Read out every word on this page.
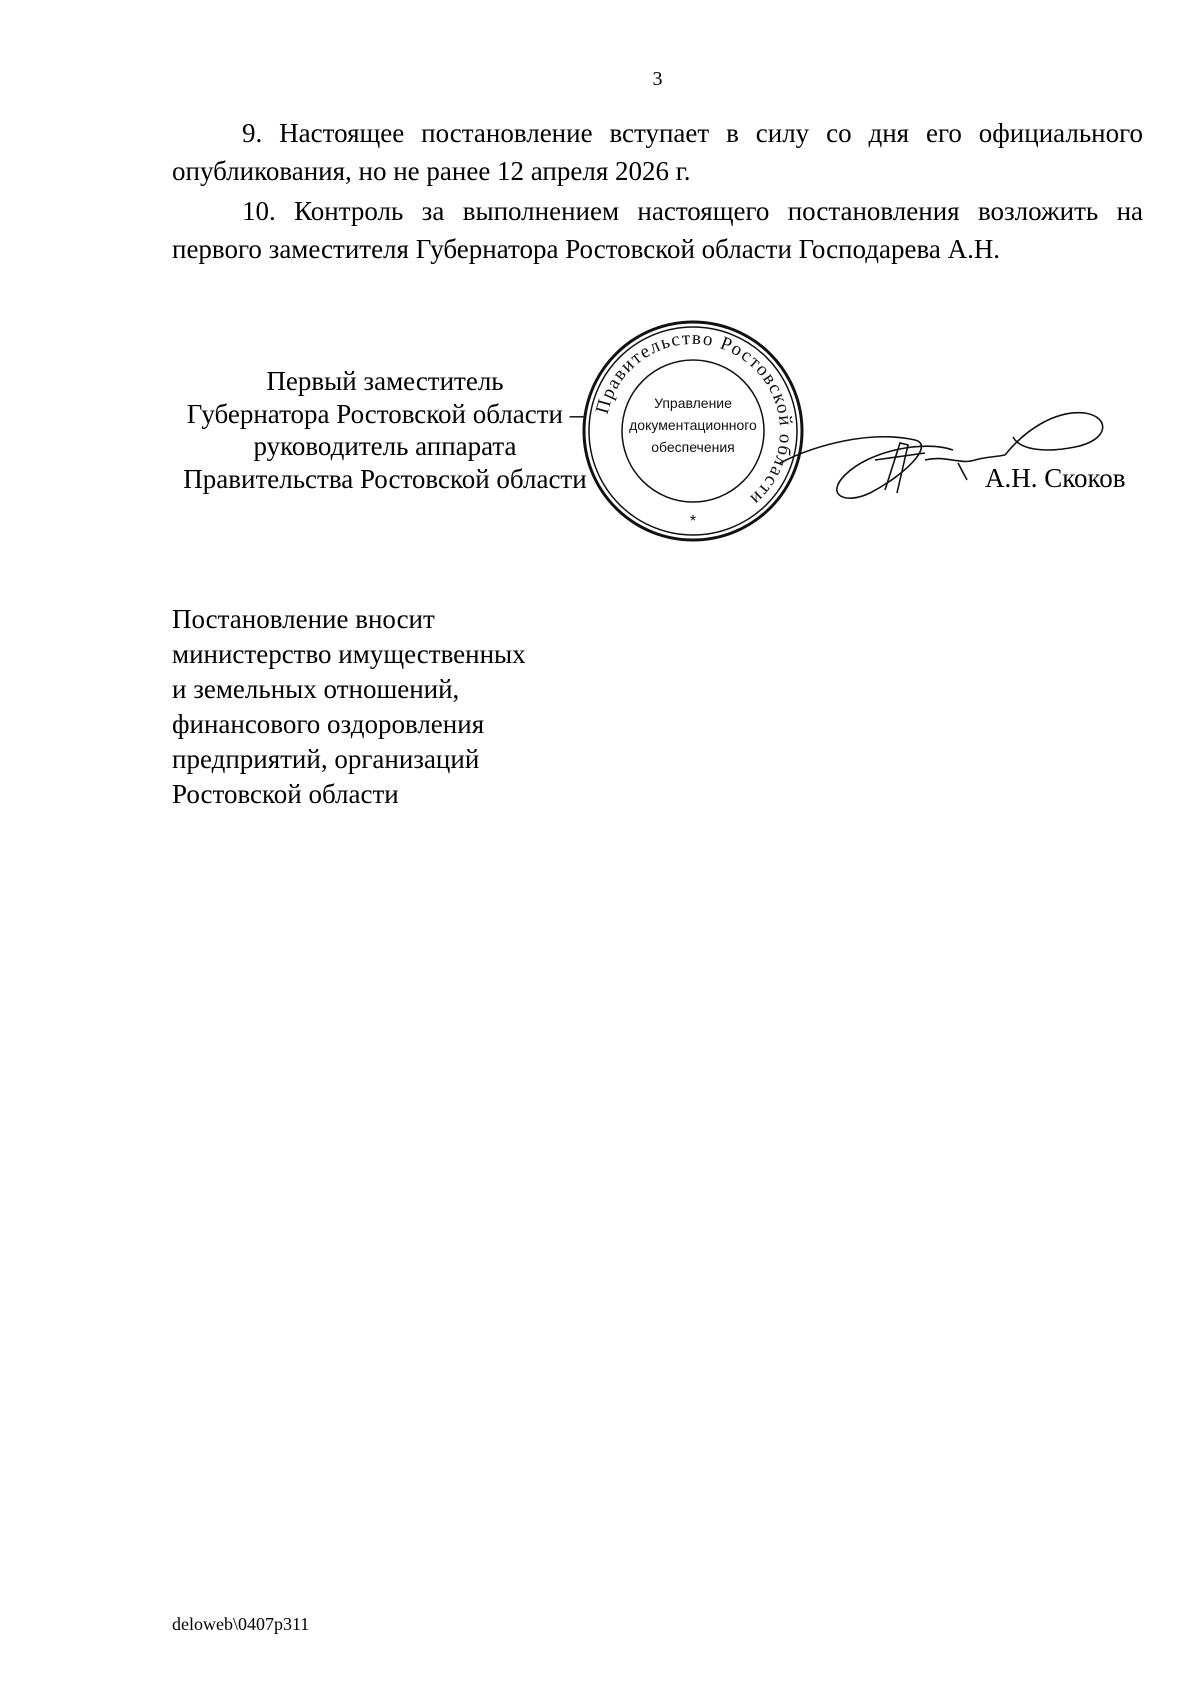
3

9. Настоящее постановление вступает в силу со дня его официального опубликования, но не ранее 12 апреля 2026 г.

10. Контроль за выполнением настоящего постановления возложить на первого заместителя Губернатора Ростовской области Господарева А.Н.

Первый заместитель
Губернатора Ростовской области –
руководитель аппарата
Правительства Ростовской области
Правительство Ростовской области
Управление
документационного
обеспечения
*
А.Н. Скоков
Постановление вносит
министерство имущественных
и земельных отношений,
финансового оздоровления
предприятий, организаций
Ростовской области
deloweb\0407p311
